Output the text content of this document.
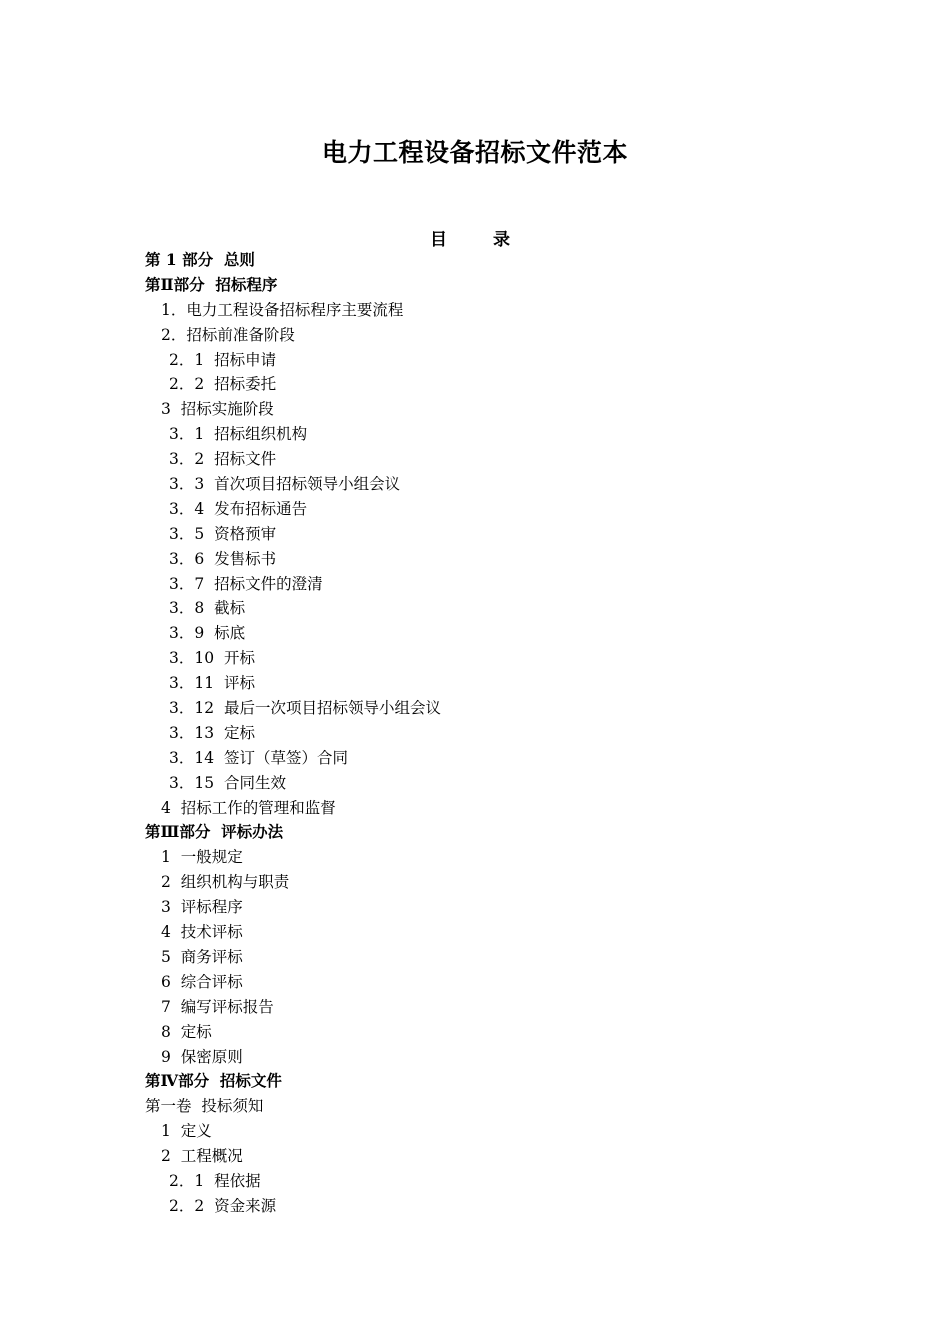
电力工程设备招标文件范本
目 录
第 1 部分  总则
第Ⅱ部分  招标程序
1．电力工程设备招标程序主要流程
2．招标前准备阶段
2．1  招标申请
2．2  招标委托
3  招标实施阶段
3．1  招标组织机构
3．2  招标文件
3．3  首次项目招标领导小组会议
3．4  发布招标通告
3．5  资格预审
3．6  发售标书
3．7  招标文件的澄清
3．8  截标
3．9  标底
3．10  开标
3．11  评标
3．12  最后一次项目招标领导小组会议
3．13  定标
3．14  签订（草签）合同
3．15  合同生效
4  招标工作的管理和监督
第Ⅲ部分  评标办法
1  一般规定
2  组织机构与职责
3  评标程序
4  技术评标
5  商务评标
6  综合评标
7  编写评标报告
8  定标
9  保密原则
第Ⅳ部分  招标文件
第一卷  投标须知
1  定义
2  工程概况
2．1  程依据
2．2  资金来源
